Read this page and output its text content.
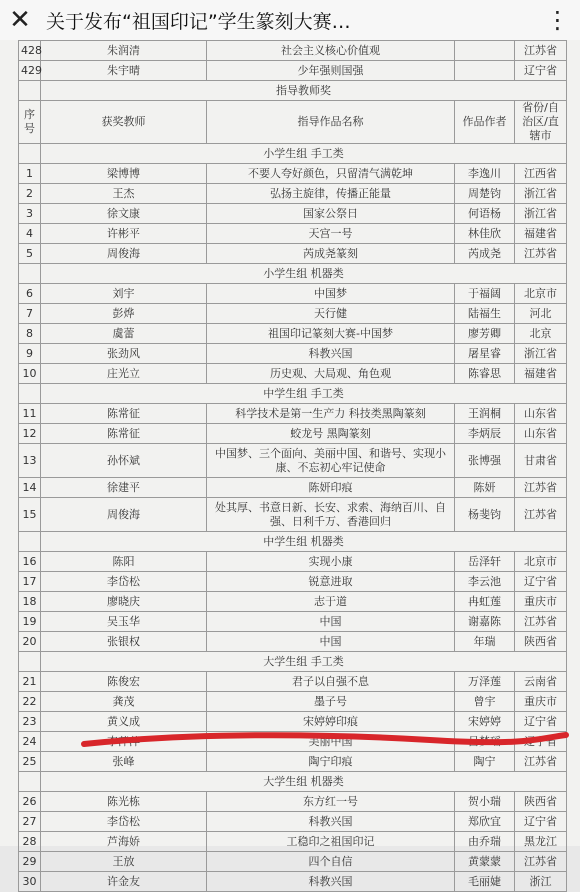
✕ 关于发布“祖国印记”学生篆刻大赛…	⋮
428	朱润清	社会主义核心价值观		江苏省
429	朱宇晴	少年强则国强		辽宁省
	指导教师奖			
序号	获奖教师	指导作品名称	作品作者	省份/自治区/直辖市
	小学生组 手工类			
1	梁博博	不要人夸好颜色，只留清气满乾坤	李逸川	江西省
2	王杰	弘扬主旋律，传播正能量	周楚钧	浙江省
3	徐文康	国家公祭日	何语杨	浙江省
4	许彬平	天宫一号	林佳欣	福建省
5	周俊海	芮成尧篆刻	芮成尧	江苏省
	小学生组 机器类			
6	刘宇	中国梦	于福阔	北京市
7	彭烨	天行健	陆福生	河北
8	虞蕾	祖国印记篆刻大赛-中国梦	廖芳卿	北京
9	张劲风	科教兴国	屠星睿	浙江省
10	庄光立	历史观、大局观、角色观	陈睿思	福建省
	中学生组 手工类			
11	陈常征	科学技术是第一生产力 科技类黑陶篆刻	王润桐	山东省
12	陈常征	蛟龙号 黑陶篆刻	李炳辰	山东省
13	孙怀斌	中国梦、三个面向、美丽中国、和谐号、实现小康、不忘初心牢记使命	张博强	甘肃省
14	徐建平	陈妍印痕	陈妍	江苏省
15	周俊海	处其厚、书意日新、长安、求索、海纳百川、自强、日利千万、香港回归	杨斐钧	江苏省
	中学生组 机器类			
16	陈阳	实现小康	岳泽轩	北京市
17	李岱松	锐意进取	李云池	辽宁省
18	廖晓庆	志于道	冉虹莲	重庆市
19	吴玉华	中国	谢嘉陈	江苏省
20	张银权	中国	年瑞	陕西省
	大学生组 手工类			
21	陈俊宏	君子以自强不息	万泽莲	云南省
22	龚茂	墨子号	曾宇	重庆市
23	黄义成	宋婷婷印痕	宋婷婷	辽宁省
24	李萍萍	美丽中国	吕梦瑶	辽宁省
25	张峰	陶宁印痕	陶宁	江苏省
	大学生组 机器类			
26	陈光栋	东方红一号	贺小瑞	陕西省
27	李岱松	科教兴国	郑欣宜	辽宁省
28	芦海娇	工稳印之祖国印记	由乔瑞	黑龙江
29	王放	四个自信	黄蒙蒙	江苏省
30	许金友	科教兴国	毛丽婕	浙江
